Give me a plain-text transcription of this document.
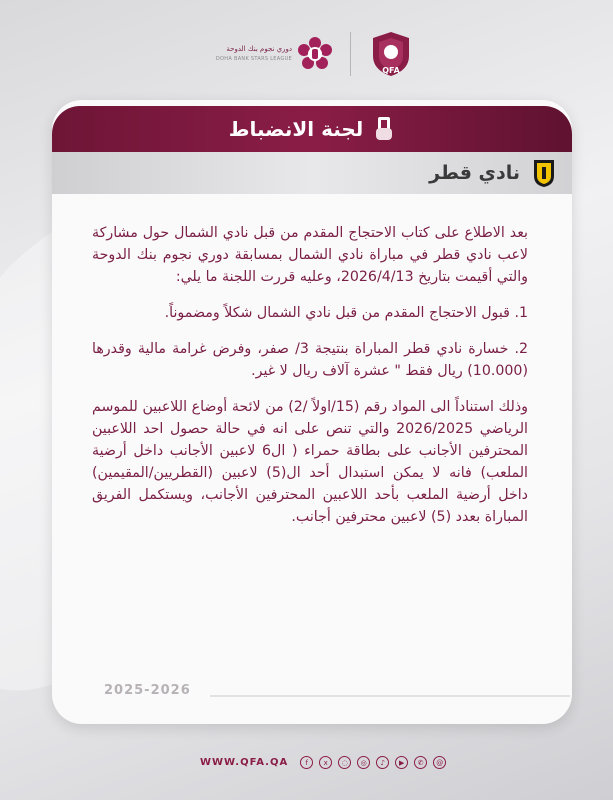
دوري نجوم بنك الدوحة
DOHA BANK STARS LEAGUE
QFA
لجنة الانضباط
نادي قطر

بعد الاطلاع على كتاب الاحتجاج المقدم من قبل نادي الشمال حول مشاركة لاعب نادي قطر في مباراة نادي الشمال بمسابقة دوري نجوم بنك الدوحة والتي أقيمت بتاريخ 2026/4/13، وعليه قررت اللجنة ما يلي:

1. قبول الاحتجاج المقدم من قبل نادي الشمال شكلاً ومضموناً.

2. خسارة نادي قطر المباراة بنتيجة 3/ صفر، وفرض غرامة مالية وقدرها (10.000) ريال فقط " عشرة آلاف ريال لا غير.

وذلك استناداً الى المواد رقم (15/اولاً /2) من لائحة أوضاع اللاعبين للموسم الرياضي 2026/2025 والتي تنص على انه في حالة حصول احد اللاعبين المحترفين الأجانب على بطاقة حمراء ( ال6 لاعبين الأجانب داخل أرضية الملعب) فانه لا يمكن استبدال أحد ال(5) لاعبين (القطريين/المقيمين) داخل أرضية الملعب بأحد اللاعبين المحترفين الأجانب، ويستكمل الفريق المباراة بعدد (5) لاعبين محترفين أجانب.

2025-2026
WWW.QFA.QA	f	x	◌	◎	♪	▶	✆	@
